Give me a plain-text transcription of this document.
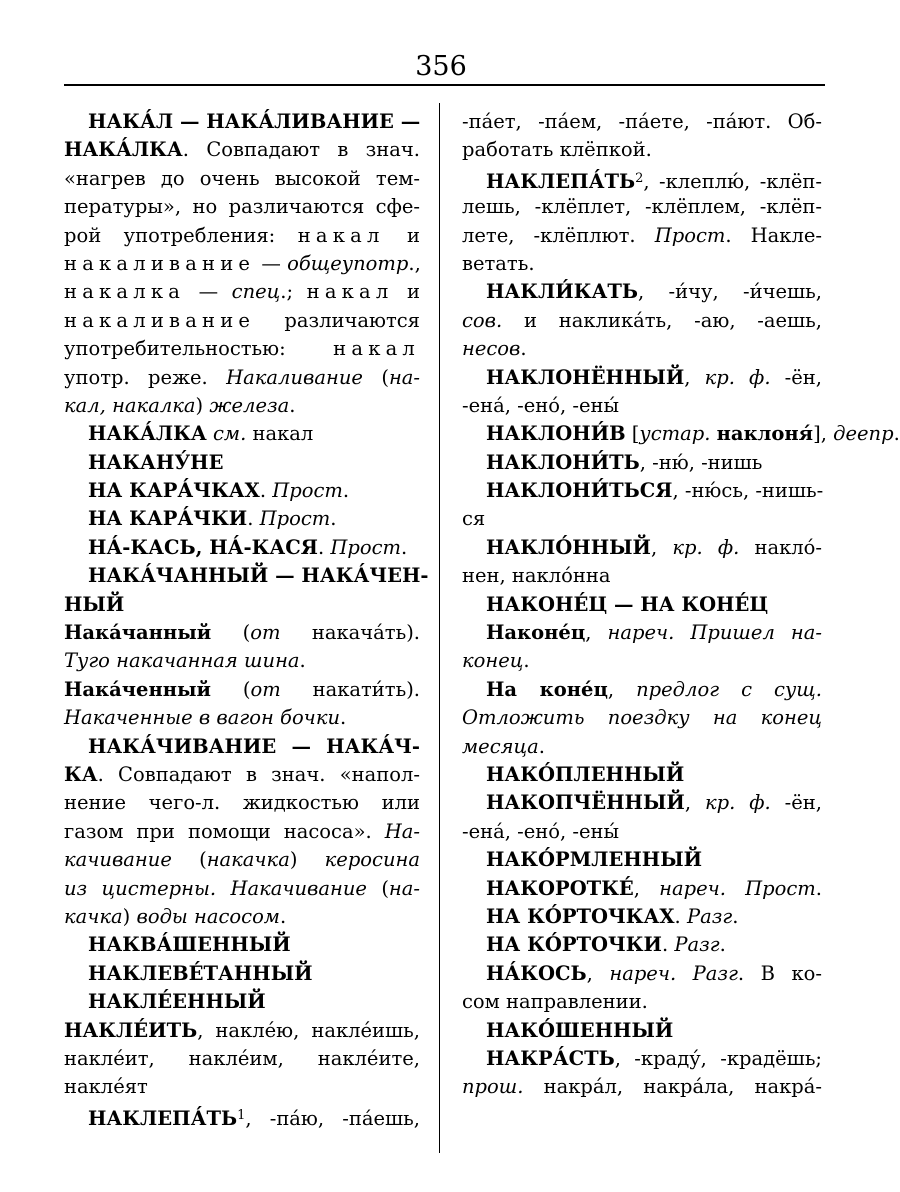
356
НАКА́Л — НАКА́ЛИВАНИЕ —
НАКА́ЛКА. Совпадают в знач.
«нагрев до очень высокой тем-
пературы», но различаются сфе-
рой употребления: накал и
накаливание — общеупотр.,
накалка — спец.; накал и
накаливание различаются
употребительностью: накал
употр. реже. Накаливание (на-
кал, накалка) железа.
НАКА́ЛКА см. накал
НАКАНУ́НЕ
НА КАРА́ЧКАХ. Прост.
НА КАРА́ЧКИ. Прост.
НА́-КАСЬ, НА́-КАСЯ. Прост.
НАКА́ЧАННЫЙ — НАКА́ЧЕН-
НЫЙ
Нака́чанный (от накача́ть).
Туго накачанная шина.
Нака́ченный (от накати́ть).
Накаченные в вагон бочки.
НАКА́ЧИВАНИЕ — НАКА́Ч-
КА. Совпадают в знач. «напол-
нение чего-л. жидкостью или
газом при помощи насоса». На-
качивание (накачка) керосина
из цистерны. Накачивание (на-
качка) воды насосом.
НАКВА́ШЕННЫЙ
НАКЛЕВЕ́ТАННЫЙ
НАКЛЕ́ЕННЫЙ
НАКЛЕ́ИТЬ, наклéю, наклéишь,
наклéит, наклéим, наклéите,
наклéят
$НАКЛЕПА́ТЬ^1$, -па́ю, -па́ешь,
-па́ет, -па́ем, -па́ете, -па́ют. Об-
работать клёпкой.
$НАКЛЕПА́ТЬ^2$, -клеплю́, -клёп-
лешь, -клёплет, -клёплем, -клёп-
лете, -клёплют. Прост. Накле-
ветать.
НАКЛИ́КАТЬ, -и́чу, -и́чешь,
сов. и наклика́ть, -аю, -аешь,
несов.
НАКЛОНЁННЫЙ, кр. ф. -ён,
-ена́, -ено́, -ены́
НАКЛОНИ́В [устар. наклоня́], деепр.
НАКЛОНИ́ТЬ, -ню́, -нишь
НАКЛОНИ́ТЬСЯ, -ню́сь, -нишь-
ся
НАКЛО́ННЫЙ, кр. ф. накло́-
нен, накло́нна
НАКОНЕ́Ц — НА КОНЕ́Ц
Наконе́ц, нареч. Пришел на-
конец.
На коне́ц, предлог с сущ.
Отложить поездку на конец
месяца.
НАКО́ПЛЕННЫЙ
НАКОПЧЁННЫЙ, кр. ф. -ён,
-ена́, -ено́, -ены́
НАКО́РМЛЕННЫЙ
НАКОРОТКЕ́, нареч. Прост.
НА КО́РТОЧКАХ. Разг.
НА КО́РТОЧКИ. Разг.
НА́КОСЬ, нареч. Разг. В ко-
сом направлении.
НАКО́ШЕННЫЙ
НАКРА́СТЬ, -краду́, -крадёшь;
прош. накра́л, накра́ла, накра́-
